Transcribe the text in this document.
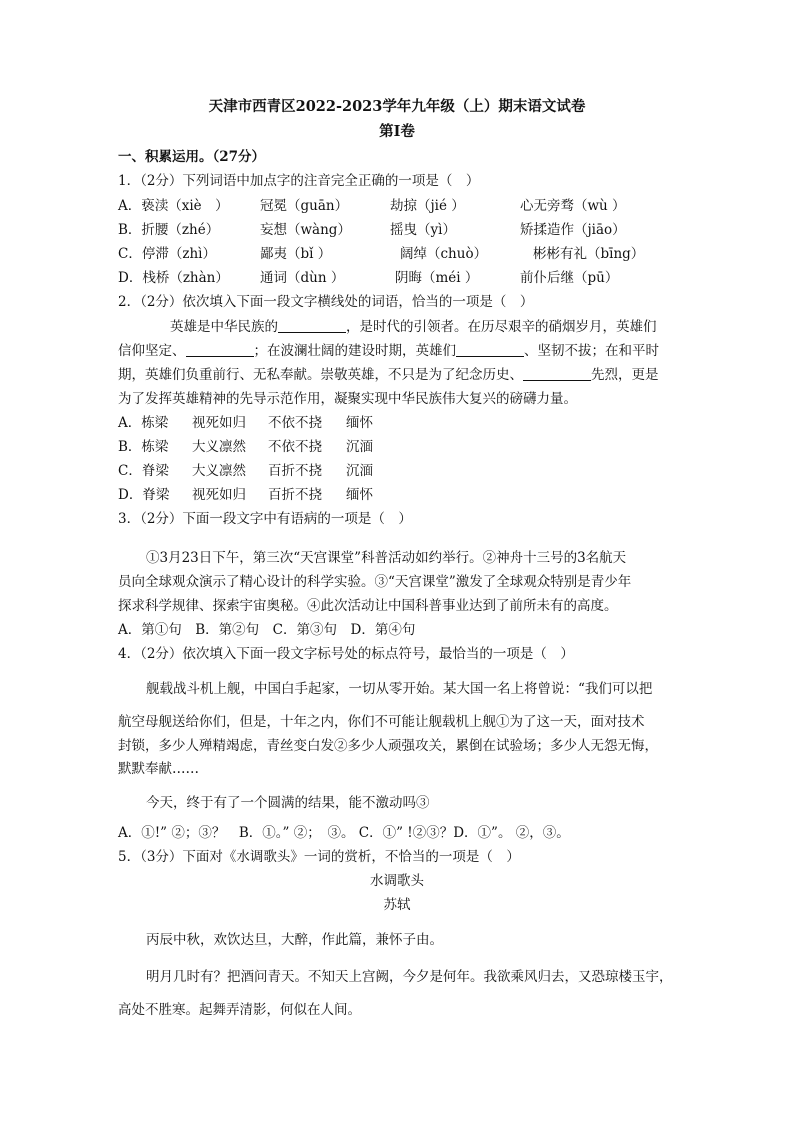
天津市西青区2022-2023学年九年级（上）期末语文试卷
第I卷
一、积累运用。（27分）
1．（2分）下列词语中加点字的注音完全正确的一项是（　）
A．亵渎（xiè　） 冠冕（guān）	劫掠（jié ）	心无旁骛（wù ）
B．折腰（zhé）	妄想（wàng）	摇曳（yì）	矫揉造作（jiāo）
C．停滞（zhì）	鄙夷（bǐ ）	阔绰（chuò）	彬彬有礼（bīng）
D．栈桥（zhàn） 通词（dùn ）	阴晦（méi ）	前仆后继（pū）
2．（2分）依次填入下面一段文字横线处的词语，恰当的一项是（　）
英雄是中华民族的	，是时代的引领者。在历尽艰辛的硝烟岁月，英雄们
信仰坚定、	；在波澜壮阔的建设时期，英雄们	、坚韧不拔；在和平时
期，英雄们负重前行、无私奉献。崇敬英雄，不只是为了纪念历史、	先烈，更是
为了发挥英雄精神的先导示范作用，凝聚实现中华民族伟大复兴的磅礴力量。
A．栋梁 视死如归 不依不挠 缅怀
B．栋梁 大义凛然 不依不挠 沉湎
C．脊梁 大义凛然 百折不挠 沉湎
D．脊梁 视死如归 百折不挠 缅怀
3．（2分）下面一段文字中有语病的一项是（　）
①3月23日下午，第三次“天宫课堂”科普活动如约举行。②神舟十三号的3名航天
员向全球观众演示了精心设计的科学实验。③“天宫课堂”激发了全球观众特别是青少年
探求科学规律、探索宇宙奥秘。④此次活动让中国科普事业达到了前所未有的高度。
A．第①句　B．第②句　C．第③句　D．第④句
4．（2分）依次填入下面一段文字标号处的标点符号，最恰当的一项是（　）
舰载战斗机上舰，中国白手起家，一切从零开始。某大国一名上将曾说：“我们可以把
航空母舰送给你们，但是，十年之内，你们不可能让舰载机上舰①为了这一天，面对技术
封锁，多少人殚精竭虑，青丝变白发②多少人顽强攻关，累倒在试验场；多少人无怨无悔，
默默奉献……
今天，终于有了一个圆满的结果，能不激动吗③
A．①!” ②；③？　B．①。” ②；　③。 C．①” !②③？D．①”。 ②，③。
5．（3分）下面对《水调歌头》一词的赏析，不恰当的一项是（　）
水调歌头
苏轼
丙辰中秋，欢饮达旦，大醉，作此篇，兼怀子由。
明月几时有？把酒问青天。不知天上宫阙，今夕是何年。我欲乘风归去，又恐琼楼玉宇，
高处不胜寒。起舞弄清影，何似在人间。
